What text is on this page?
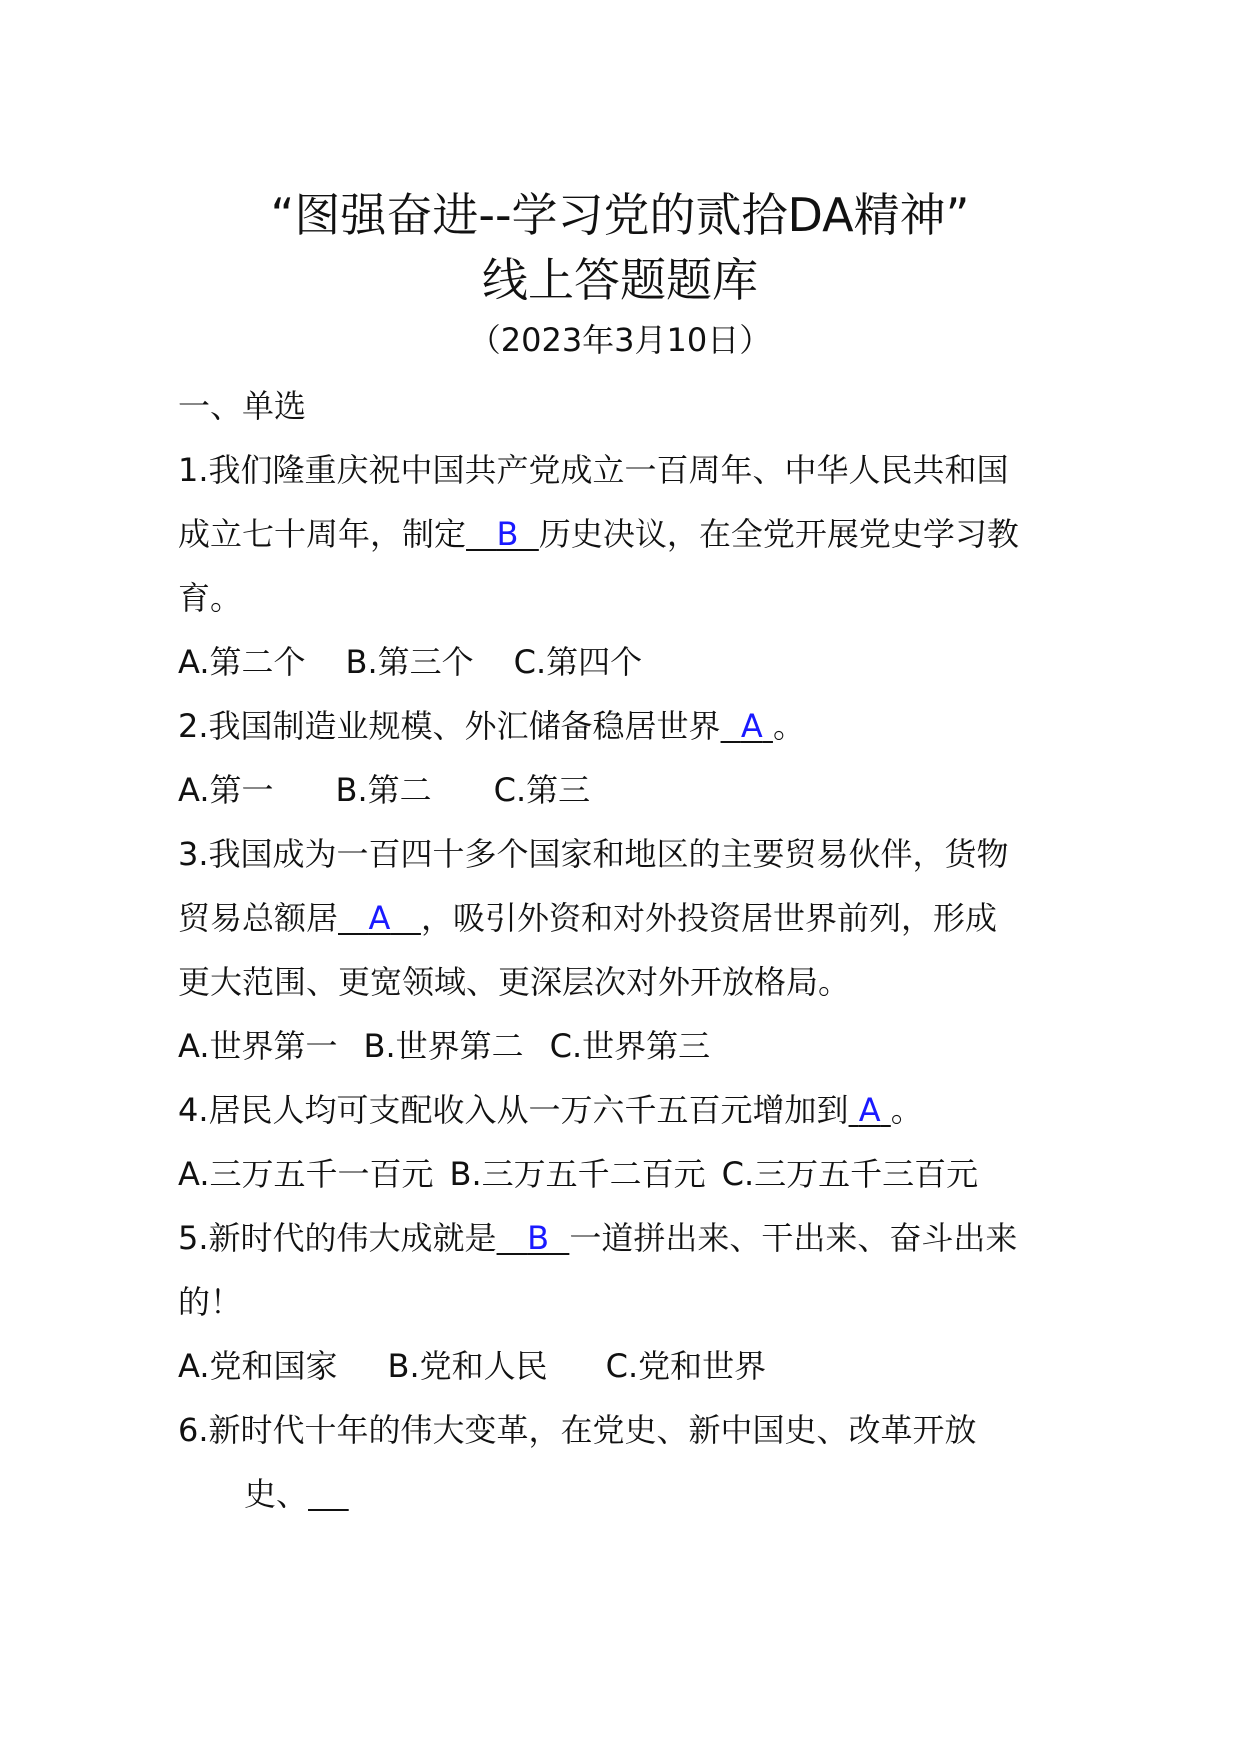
“图强奋进--学习党的贰拾DA精神”
线上答题题库
（2023年3月10日）
一、单选
1.我们隆重庆祝中国共产党成立一百周年、中华人民共和国
成立七十周年，制定 B 历史决议，在全党开展党史学习教
育。
A.第二个 B.第三个 C.第四个
2.我国制造业规模、外汇储备稳居世界 A 。
A.第一 B.第二 C.第三
3.我国成为一百四十多个国家和地区的主要贸易伙伴，货物
贸易总额居 A ，吸引外资和对外投资居世界前列，形成
更大范围、更宽领域、更深层次对外开放格局。
A.世界第一 B.世界第二 C.世界第三
4.居民人均可支配收入从一万六千五百元增加到 A 。
A.三万五千一百元 B.三万五千二百元 C.三万五千三百元
5.新时代的伟大成就是 B 一道拼出来、干出来、奋斗出来
的！
A.党和国家 B.党和人民 C.党和世界
6.新时代十年的伟大变革，在党史、新中国史、改革开放
史、
